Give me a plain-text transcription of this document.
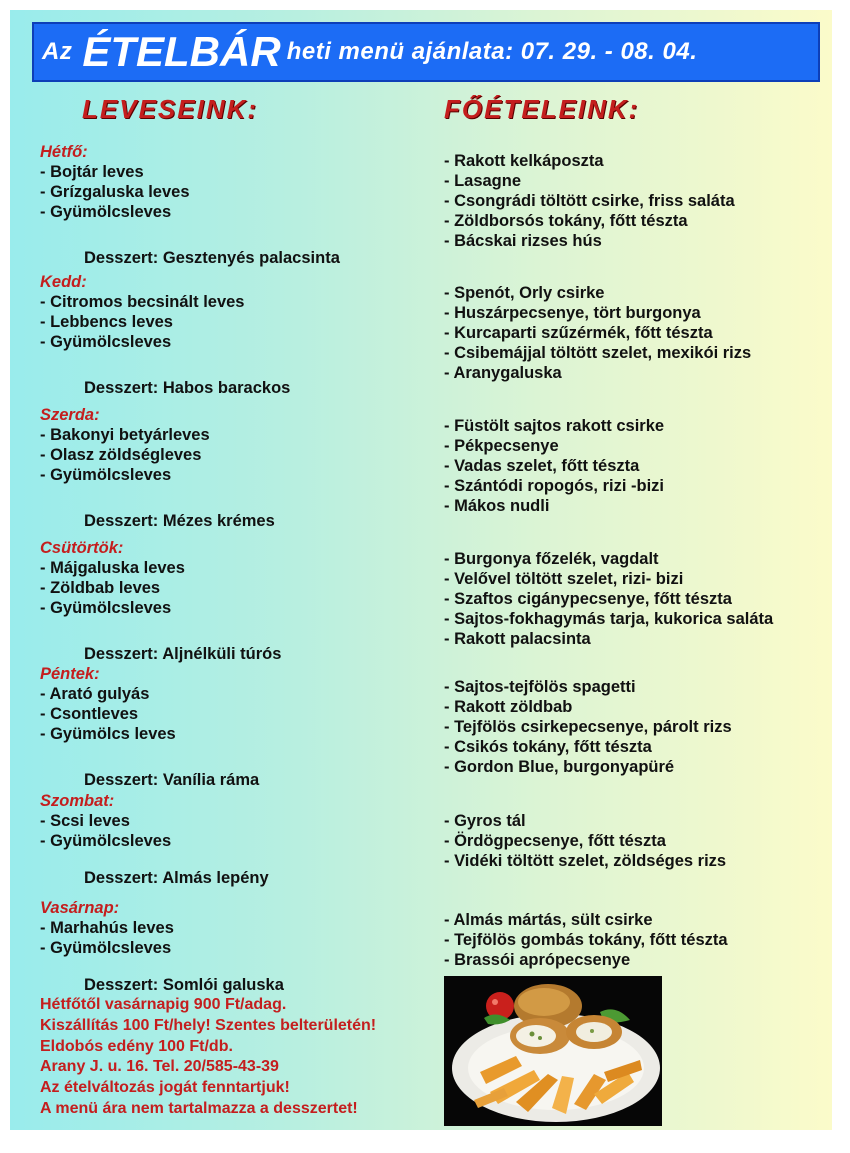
Az ÉTELBÁR heti menü ajánlata: 07. 29. - 08. 04.
LEVESEINK:	FŐÉTELEINK:
Hétfő:
- Bojtár leves
- Grízgaluska leves
- Gyümölcsleves
Desszert: Gesztenyés palacsinta
Kedd:
- Citromos becsinált leves
- Lebbencs leves
- Gyümölcsleves
Desszert: Habos barackos
Szerda:
- Bakonyi betyárleves
- Olasz zöldségleves
- Gyümölcsleves
Desszert: Mézes krémes
Csütörtök:
- Májgaluska leves
- Zöldbab leves
- Gyümölcsleves
Desszert: Aljnélküli túrós
Péntek:
- Arató gulyás
- Csontleves
- Gyümölcs leves
Desszert: Vanília ráma
Szombat:
- Scsi leves
- Gyümölcsleves
Desszert: Almás lepény
Vasárnap:
- Marhahús leves
- Gyümölcsleves
Desszert: Somlói galuska
- Rakott kelkáposzta
- Lasagne
- Csongrádi töltött csirke, friss saláta
- Zöldborsós tokány, főtt tészta
- Bácskai rizses hús
- Spenót, Orly csirke
- Huszárpecsenye, tört burgonya
- Kurcaparti szűzérmék, főtt tészta
- Csibemájjal töltött szelet, mexikói rizs
- Aranygaluska
- Füstölt sajtos rakott csirke
- Pékpecsenye
- Vadas szelet, főtt tészta
- Szántódi ropogós, rizi -bizi
- Mákos nudli
- Burgonya főzelék, vagdalt
- Velővel töltött szelet, rizi- bizi
- Szaftos cigánypecsenye, főtt tészta
- Sajtos-fokhagymás tarja, kukorica saláta
- Rakott palacsinta
- Sajtos-tejfölös spagetti
- Rakott zöldbab
- Tejfölös csirkepecsenye, párolt rizs
- Csikós tokány, főtt tészta
- Gordon Blue, burgonyapüré
- Gyros tál
- Ördögpecsenye, főtt tészta
- Vidéki töltött szelet, zöldséges rizs
- Almás mártás, sült csirke
- Tejfölös gombás tokány, főtt tészta
- Brassói aprópecsenye
Hétfőtől vasárnapig 900 Ft/adag.
Kiszállítás 100 Ft/hely! Szentes belterületén!
Eldobós edény 100 Ft/db.
Arany J. u. 16. Tel. 20/585-43-39
Az ételváltozás jogát fenntartjuk!
A menü ára nem tartalmazza a desszertet!
